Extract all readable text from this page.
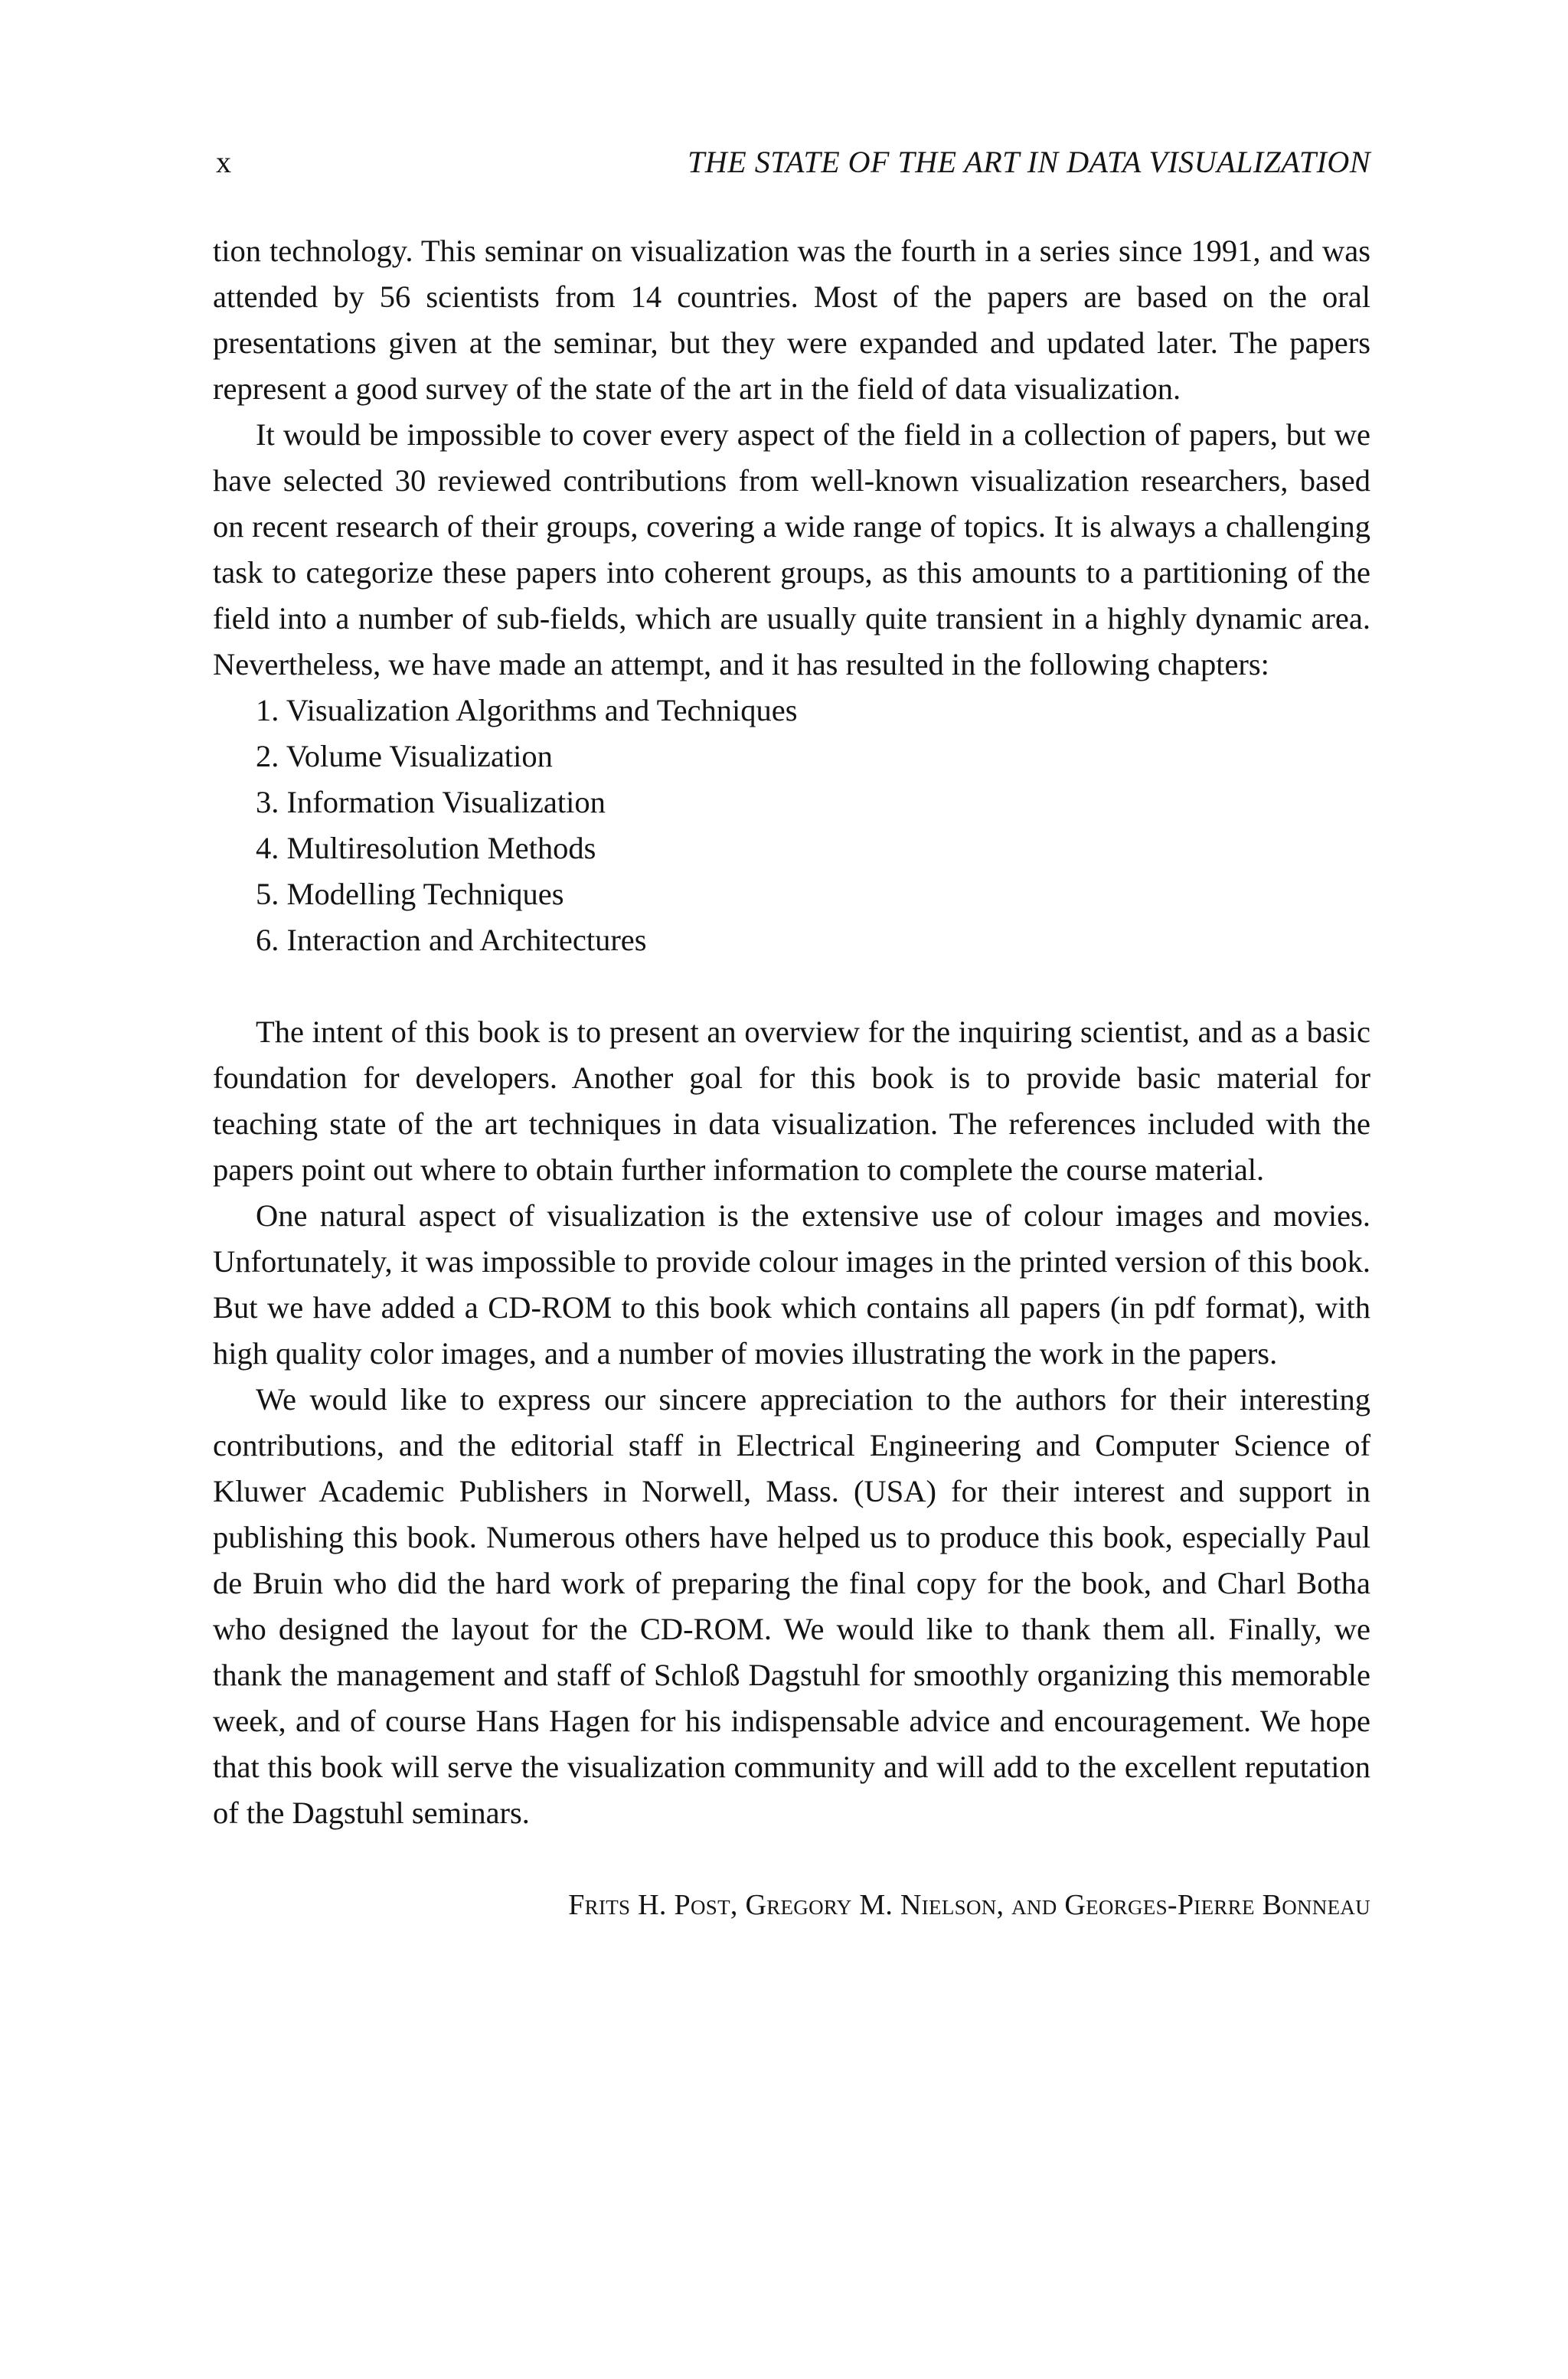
x	THE STATE OF THE ART IN DATA VISUALIZATION

tion technology. This seminar on visualization was the fourth in a series since 1991, and was attended by 56 scientists from 14 countries. Most of the papers are based on the oral presentations given at the seminar, but they were expanded and updated later. The papers represent a good survey of the state of the art in the field of data visualization.

It would be impossible to cover every aspect of the field in a collection of papers, but we have selected 30 reviewed contributions from well-known visualization researchers, based on recent research of their groups, covering a wide range of topics. It is always a challenging task to categorize these papers into coherent groups, as this amounts to a partitioning of the field into a number of sub-fields, which are usually quite transient in a highly dynamic area. Nevertheless, we have made an attempt, and it has resulted in the following chapters:

1. Visualization Algorithms and Techniques
2. Volume Visualization
3. Information Visualization
4. Multiresolution Methods
5. Modelling Techniques
6. Interaction and Architectures

The intent of this book is to present an overview for the inquiring scientist, and as a basic foundation for developers. Another goal for this book is to provide basic material for teaching state of the art techniques in data visualization. The references included with the papers point out where to obtain further information to complete the course material.

One natural aspect of visualization is the extensive use of colour images and movies. Unfortunately, it was impossible to provide colour images in the printed version of this book. But we have added a CD-ROM to this book which contains all papers (in pdf format), with high quality color images, and a number of movies illustrating the work in the papers.

We would like to express our sincere appreciation to the authors for their interesting contributions, and the editorial staff in Electrical Engineering and Computer Science of Kluwer Academic Publishers in Norwell, Mass. (USA) for their interest and support in publishing this book. Numerous others have helped us to produce this book, especially Paul de Bruin who did the hard work of preparing the final copy for the book, and Charl Botha who designed the layout for the CD-ROM. We would like to thank them all. Finally, we thank the management and staff of Schloß Dagstuhl for smoothly organizing this memorable week, and of course Hans Hagen for his indispensable advice and encouragement. We hope that this book will serve the visualization community and will add to the excellent reputation of the Dagstuhl seminars.

Frits H. Post, Gregory M. Nielson, and Georges-Pierre Bonneau
